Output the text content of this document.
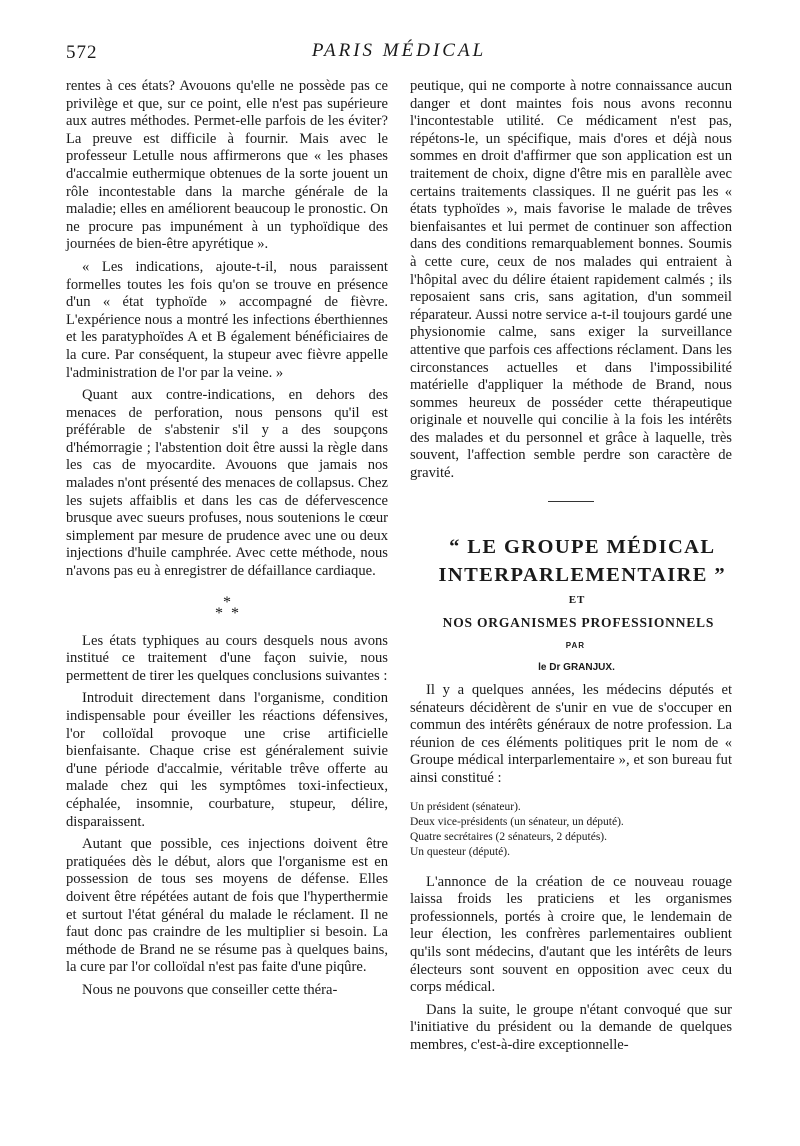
572	PARIS MÉDICAL

rentes à ces états? Avouons qu'elle ne possède pas ce privilège et que, sur ce point, elle n'est pas supérieure aux autres méthodes. Permet-elle parfois de les éviter? La preuve est difficile à fournir. Mais avec le professeur Letulle nous affirmerons que « les phases d'accalmie euthermique obtenues de la sorte jouent un rôle incontestable dans la marche générale de la maladie; elles en améliorent beaucoup le pronostic. On ne procure pas impunément à un typhoïdique des journées de bien-être apyrétique ».

« Les indications, ajoute-t-il, nous paraissent formelles toutes les fois qu'on se trouve en présence d'un « état typhoïde » accompagné de fièvre. L'expérience nous a montré les infections éberthiennes et les paratyphoïdes A et B également bénéficiaires de la cure. Par conséquent, la stupeur avec fièvre appelle l'administration de l'or par la veine. »

Quant aux contre-indications, en dehors des menaces de perforation, nous pensons qu'il est préférable de s'abstenir s'il y a des soupçons d'hémorragie ; l'abstention doit être aussi la règle dans les cas de myocardite. Avouons que jamais nos malades n'ont présenté des menaces de collapsus. Chez les sujets affaiblis et dans les cas de défervescence brusque avec sueurs profuses, nous soutenions le cœur simplement par mesure de prudence avec une ou deux injections d'huile camphrée. Avec cette méthode, nous n'avons pas eu à enregistrer de défaillance cardiaque.

*
* *

Les états typhiques au cours desquels nous avons institué ce traitement d'une façon suivie, nous permettent de tirer les quelques conclusions suivantes :

Introduit directement dans l'organisme, condition indispensable pour éveiller les réactions défensives, l'or colloïdal provoque une crise artificielle bienfaisante. Chaque crise est généralement suivie d'une période d'accalmie, véritable trêve offerte au malade chez qui les symptômes toxi-infectieux, céphalée, insomnie, courbature, stupeur, délire, disparaissent.

Autant que possible, ces injections doivent être pratiquées dès le début, alors que l'organisme est en possession de tous ses moyens de défense. Elles doivent être répétées autant de fois que l'hyperthermie et surtout l'état général du malade le réclament. Il ne faut donc pas craindre de les multiplier si besoin. La méthode de Brand ne se résume pas à quelques bains, la cure par l'or colloïdal n'est pas faite d'une piqûre.

Nous ne pouvons que conseiller cette théra-

peutique, qui ne comporte à notre connaissance aucun danger et dont maintes fois nous avons reconnu l'incontestable utilité. Ce médicament n'est pas, répétons-le, un spécifique, mais d'ores et déjà nous sommes en droit d'affirmer que son application est un traitement de choix, digne d'être mis en parallèle avec certains traitements classiques. Il ne guérit pas les « états typhoïdes », mais favorise le malade de trêves bienfaisantes et lui permet de continuer son affection dans des conditions remarquablement bonnes. Soumis à cette cure, ceux de nos malades qui entraient à l'hôpital avec du délire étaient rapidement calmés ; ils reposaient sans cris, sans agitation, d'un sommeil réparateur. Aussi notre service a-t-il toujours gardé une physionomie calme, sans exiger la surveillance attentive que parfois ces affections réclament. Dans les circonstances actuelles et dans l'impossibilité matérielle d'appliquer la méthode de Brand, nous sommes heureux de posséder cette thérapeutique originale et nouvelle qui concilie à la fois les intérêts des malades et du personnel et grâce à laquelle, très souvent, l'affection semble perdre son caractère de gravité.

“ LE GROUPE MÉDICAL

INTERPARLEMENTAIRE ”

ET

NOS ORGANISMES PROFESSIONNELS

PAR

le Dr GRANJUX.

Il y a quelques années, les médecins députés et sénateurs décidèrent de s'unir en vue de s'occuper en commun des intérêts généraux de notre profession. La réunion de ces éléments politiques prit le nom de « Groupe médical interparlementaire », et son bureau fut ainsi constitué :

Un président (sénateur).
Deux vice-présidents (un sénateur, un député).
Quatre secrétaires (2 sénateurs, 2 députés).
Un questeur (député).

L'annonce de la création de ce nouveau rouage laissa froids les praticiens et les organismes professionnels, portés à croire que, le lendemain de leur élection, les confrères parlementaires oublient qu'ils sont médecins, d'autant que les intérêts de leurs électeurs sont souvent en opposition avec ceux du corps médical.

Dans la suite, le groupe n'étant convoqué que sur l'initiative du président ou la demande de quelques membres, c'est-à-dire exceptionnelle-
